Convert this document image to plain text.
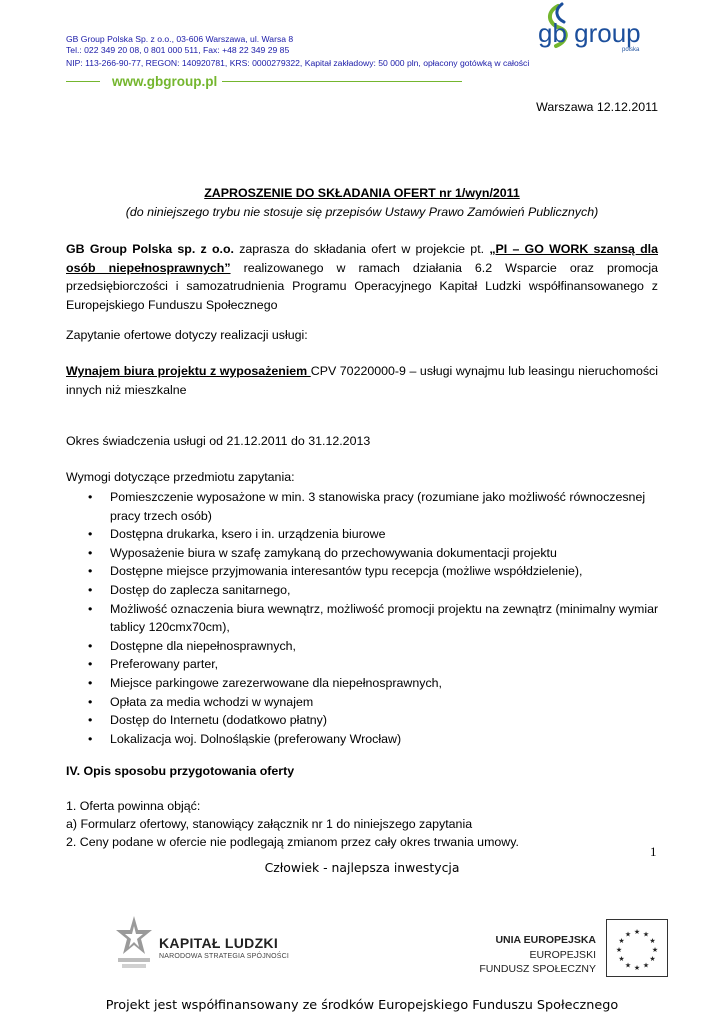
GB Group Polska Sp. z o.o., 03-606 Warszawa, ul. Warsa 8
Tel.: 022 349 20 08, 0 801 000 511, Fax: +48 22 349 29 85
NIP: 113-266-90-77, REGON: 140920781, KRS: 0000279322, Kapitał zakładowy: 50 000 pln, opłacony gotówką w całości
www.gbgroup.pl
gb group
polska
Warszawa 12.12.2011
ZAPROSZENIE DO SKŁADANIA OFERT nr 1/wyn/2011
(do niniejszego trybu nie stosuje się przepisów Ustawy Prawo Zamówień Publicznych)
GB Group Polska sp. z o.o. zaprasza do składania ofert w projekcie pt. „PI – GO WORK szansą dla osób niepełnosprawnych” realizowanego w ramach działania 6.2 Wsparcie oraz promocja przedsiębiorczości i samozatrudnienia Programu Operacyjnego Kapitał Ludzki współfinansowanego z Europejskiego Funduszu Społecznego
Zapytanie ofertowe dotyczy realizacji usługi:
Wynajem biura projektu z wyposażeniem CPV 70220000-9 – usługi wynajmu lub leasingu nieruchomości innych niż mieszkalne
Okres świadczenia usługi od 21.12.2011 do 31.12.2013
Wymogi dotyczące przedmiotu zapytania:
• Pomieszczenie wyposażone w min. 3 stanowiska pracy (rozumiane jako możliwość równoczesnej pracy trzech osób)
• Dostępna drukarka, ksero i in. urządzenia biurowe
• Wyposażenie biura w szafę zamykaną do przechowywania dokumentacji projektu
• Dostępne miejsce przyjmowania interesantów typu recepcja (możliwe współdzielenie),
• Dostęp do zaplecza sanitarnego,
• Możliwość oznaczenia biura wewnątrz, możliwość promocji projektu na zewnątrz (minimalny wymiar tablicy 120cmx70cm),
• Dostępne dla niepełnosprawnych,
• Preferowany parter,
• Miejsce parkingowe zarezerwowane dla niepełnosprawnych,
• Opłata za media wchodzi w wynajem
• Dostęp do Internetu (dodatkowo płatny)
• Lokalizacja woj. Dolnośląskie (preferowany Wrocław)
IV. Opis sposobu przygotowania oferty
1. Oferta powinna objąć:
a) Formularz ofertowy, stanowiący załącznik nr 1 do niniejszego zapytania
2. Ceny podane w ofercie nie podlegają zmianom przez cały okres trwania umowy.
1
Człowiek - najlepsza inwestycja
KAPITAŁ LUDZKI
NARODOWA STRATEGIA SPÓJNOŚCI
UNIA EUROPEJSKA
EUROPEJSKI
FUNDUSZ SPOŁECZNY
★ ★
★
★
★
★
★
★
★
★
★
★
Projekt jest współfinansowany ze środków Europejskiego Funduszu Społecznego
